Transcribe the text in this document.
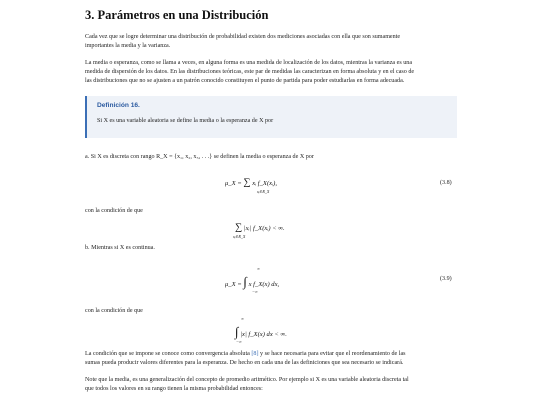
3. Parámetros en una Distribución
Cada vez que se logre determinar una distribución de probabilidad existen dos mediciones asociadas con ella que son sumamente
importantes la media y la varianza.
La media o esperanza, como se llama a veces, en alguna forma es una medida de localización de los datos, mientras la varianza es una
medida de dispersión de los datos. En las distribuciones teóricas, este par de medidas las caracterizan en forma absoluta y en el caso de
las distribuciones que no se ajusten a un patrón conocido constituyen el punto de partida para poder estudiarlas en forma adecuada.
Definición 16.
Si X es una variable aleatoria se define la media o la esperanza de X por
a. Si X es discreta con rango R_X = {x₁, x₂, x₃, . . .} se definen la media o esperanza de X por
μ_X = ∑ xᵢ f_X(xᵢ),
xᵢ∈R_X
(3.8)
con la condición de que
∑ |xᵢ| f_X(xᵢ) < ∞.
xᵢ∈R_X
b. Mientras si X es continua.
μ_X = ∫ x f_X(x) dx,
∞
−∞
(3.9)
con la condición de que
∫ |x| f_X(x) dx < ∞.
∞
−∞
La condición que se impone se conoce como convergencia absoluta [8] y se hace necesaria para evitar que el reordenamiento de las
sumas pueda producir valores diferentes para la esperanza. De hecho en cada una de las definiciones que sea necesario se indicará.
Note que la media, es una generalización del concepto de promedio aritmético. Por ejemplo si X es una variable aleatoria discreta tal
que todos los valores en su rango tienen la misma probabilidad entonces:
